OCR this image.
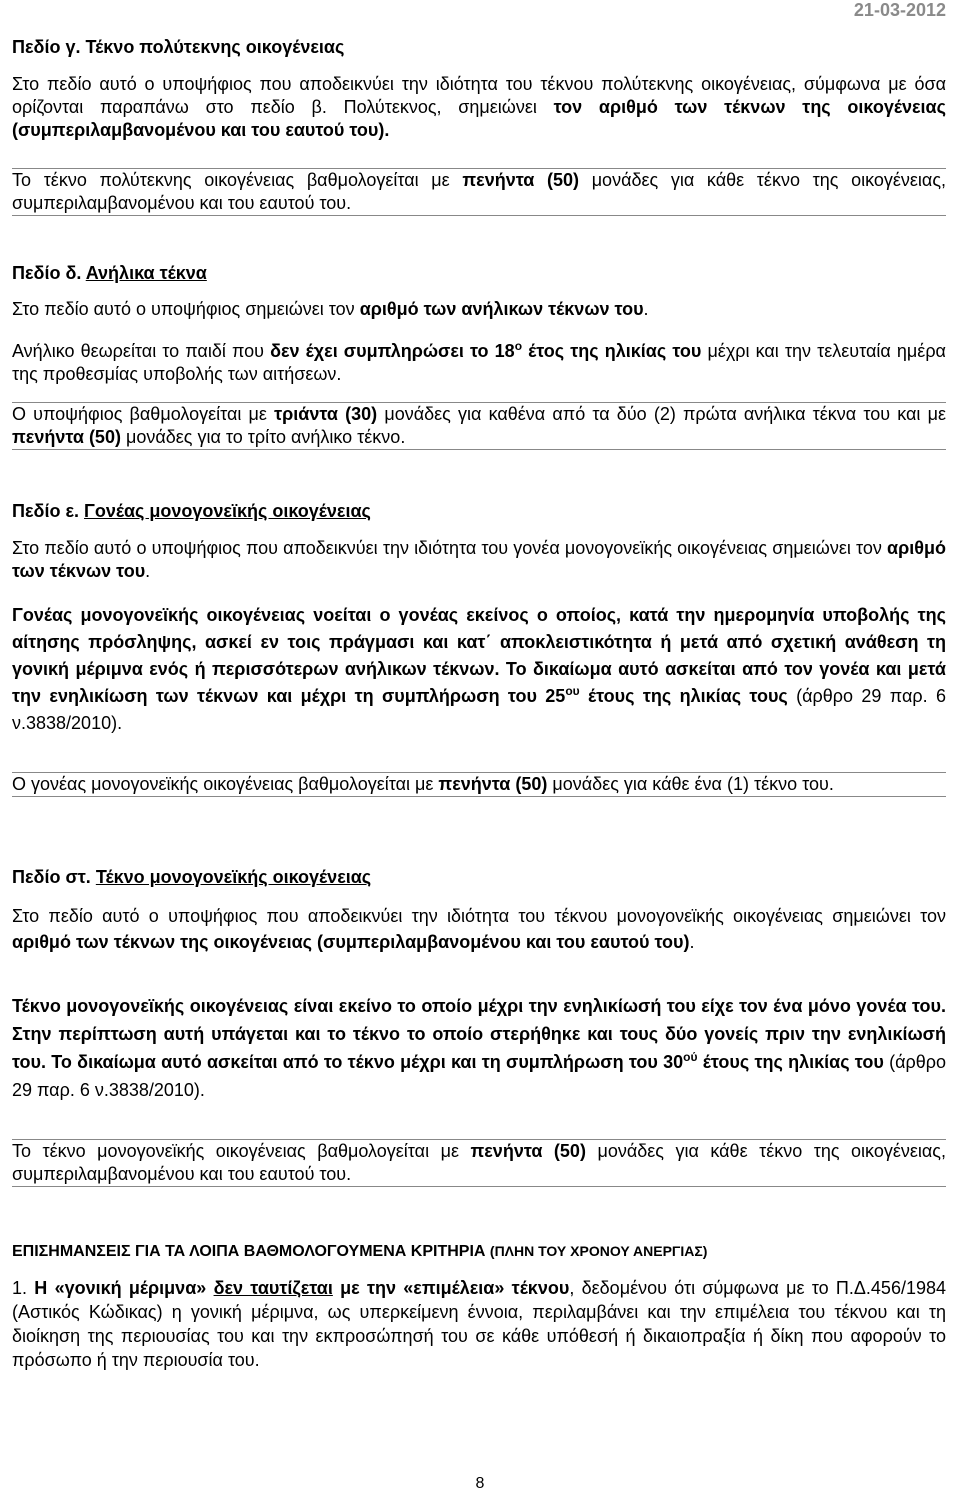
21-03-2012
Πεδίο γ. Τέκνο πολύτεκνης οικογένειας
Στο πεδίο αυτό ο υποψήφιος που αποδεικνύει την ιδιότητα του τέκνου πολύτεκνης οικογένειας, σύμφωνα με όσα ορίζονται παραπάνω στο πεδίο β. Πολύτεκνος, σημειώνει τον αριθμό των τέκνων της οικογένειας (συμπεριλαμβανομένου και του εαυτού του).
Το τέκνο πολύτεκνης οικογένειας βαθμολογείται με πενήντα (50) μονάδες για κάθε τέκνο της οικογένειας, συμπεριλαμβανομένου και του εαυτού του.
Πεδίο δ. Ανήλικα τέκνα
Στο πεδίο αυτό ο υποψήφιος σημειώνει τον αριθμό των ανήλικων τέκνων του.
Ανήλικο θεωρείται το παιδί που δεν έχει συμπληρώσει το $18^o$ έτος της ηλικίας του μέχρι και την τελευταία ημέρα της προθεσμίας υποβολής των αιτήσεων.
Ο υποψήφιος βαθμολογείται με τριάντα (30) μονάδες για καθένα από τα δύο (2) πρώτα ανήλικα τέκνα του και με πενήντα (50) μονάδες για το τρίτο ανήλικο τέκνο.
Πεδίο ε. Γονέας μονογονεϊκής οικογένειας
Στο πεδίο αυτό ο υποψήφιος που αποδεικνύει την ιδιότητα του γονέα μονογονεϊκής οικογένειας σημειώνει τον αριθμό των τέκνων του.
Γονέας μονογονεϊκής οικογένειας νοείται ο γονέας εκείνος ο οποίος, κατά την ημερομηνία υποβολής της αίτησης πρόσληψης, ασκεί εν τοις πράγμασι και κατ΄ αποκλειστικότητα ή μετά από σχετική ανάθεση τη γονική μέριμνα ενός ή περισσότερων ανήλικων τέκνων. Το δικαίωμα αυτό ασκείται από τον γονέα και μετά την ενηλικίωση των τέκνων και μέχρι τη συμπλήρωση του $25^{o\upsilon}$ έτους της ηλικίας τους (άρθρο 29 παρ. 6 ν.3838/2010).
Ο γονέας μονογονεϊκής οικογένειας βαθμολογείται με πενήντα (50) μονάδες για κάθε ένα (1) τέκνο του.
Πεδίο στ. Τέκνο μονογονεϊκής οικογένειας
Στο πεδίο αυτό ο υποψήφιος που αποδεικνύει την ιδιότητα του τέκνου μονογονεϊκής οικογένειας σημειώνει τον αριθμό των τέκνων της οικογένειας (συμπεριλαμβανομένου και του εαυτού του).
Τέκνο μονογονεϊκής οικογένειας είναι εκείνο το οποίο μέχρι την ενηλικίωσή του είχε τον ένα μόνο γονέα του. Στην περίπτωση αυτή υπάγεται και το τέκνο το οποίο στερήθηκε και τους δύο γονείς πριν την ενηλικίωσή του. Το δικαίωμα αυτό ασκείται από το τέκνο μέχρι και τη συμπλήρωση του $30^{oύ}$ έτους της ηλικίας του (άρθρο 29 παρ. 6 ν.3838/2010).
Το τέκνο μονογονεϊκής οικογένειας βαθμολογείται με πενήντα (50) μονάδες για κάθε τέκνο της οικογένειας, συμπεριλαμβανομένου και του εαυτού του.
ΕΠΙΣΗΜΑΝΣΕΙΣ ΓΙΑ ΤΑ ΛΟΙΠΑ ΒΑΘΜΟΛΟΓΟΥΜΕΝΑ ΚΡΙΤΗΡΙΑ (ΠΛΗΝ ΤΟΥ ΧΡΟΝΟΥ ΑΝΕΡΓΙΑΣ)
1. Η «γονική μέριμνα» δεν ταυτίζεται με την «επιμέλεια» τέκνου, δεδομένου ότι σύμφωνα με το Π.Δ.456/1984 (Αστικός Κώδικας) η γονική μέριμνα, ως υπερκείμενη έννοια, περιλαμβάνει και την επιμέλεια του τέκνου και τη διοίκηση της περιουσίας του και την εκπροσώπησή του σε κάθε υπόθεσή ή δικαιοπραξία ή δίκη που αφορούν το πρόσωπο ή την περιουσία του.
8
